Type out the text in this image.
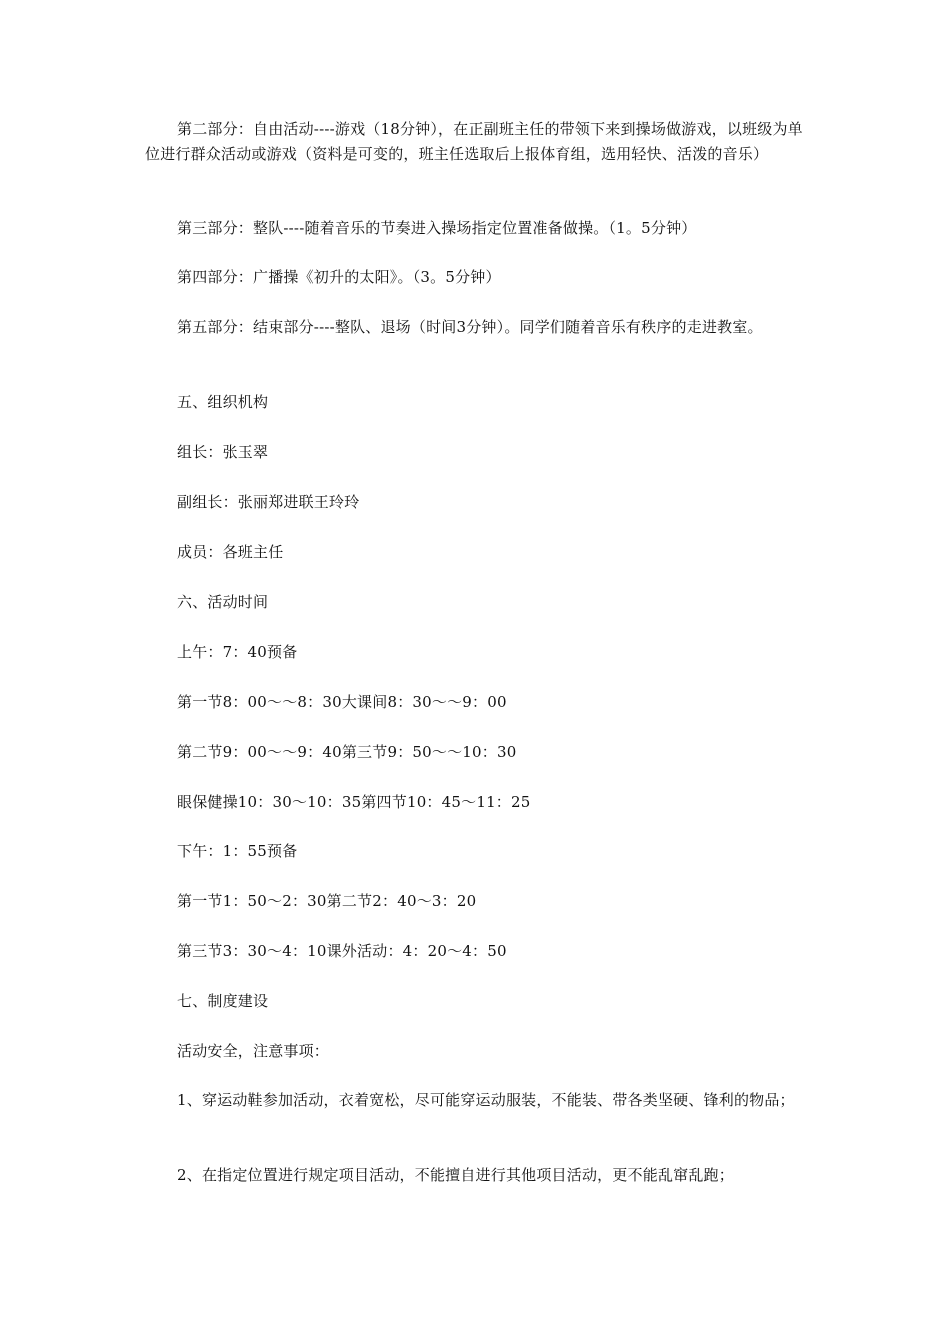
第二部分：自由活动----游戏（18分钟），在正副班主任的带领下来到操场做游戏，以班级为单位进行群众活动或游戏（资料是可变的，班主任选取后上报体育组，选用轻快、活泼的音乐）

第三部分：整队----随着音乐的节奏进入操场指定位置准备做操。（1。5分钟）

第四部分：广播操《初升的太阳》。（3。5分钟）

第五部分：结束部分----整队、退场（时间3分钟）。同学们随着音乐有秩序的走进教室。

五、组织机构

组长：张玉翠

副组长：张丽郑进联王玲玲

成员：各班主任

六、活动时间

上午：7：40预备

第一节8：00～～8：30大课间8：30～～9：00

第二节9：00～～9：40第三节9：50～～10：30

眼保健操10：30～10：35第四节10：45～11：25

下午：1：55预备

第一节1：50～2：30第二节2：40～3：20

第三节3：30～4：10课外活动：4：20～4：50

七、制度建设

活动安全，注意事项：

1、穿运动鞋参加活动，衣着宽松，尽可能穿运动服装，不能装、带各类坚硬、锋利的物品；

2、在指定位置进行规定项目活动，不能擅自进行其他项目活动，更不能乱窜乱跑；
